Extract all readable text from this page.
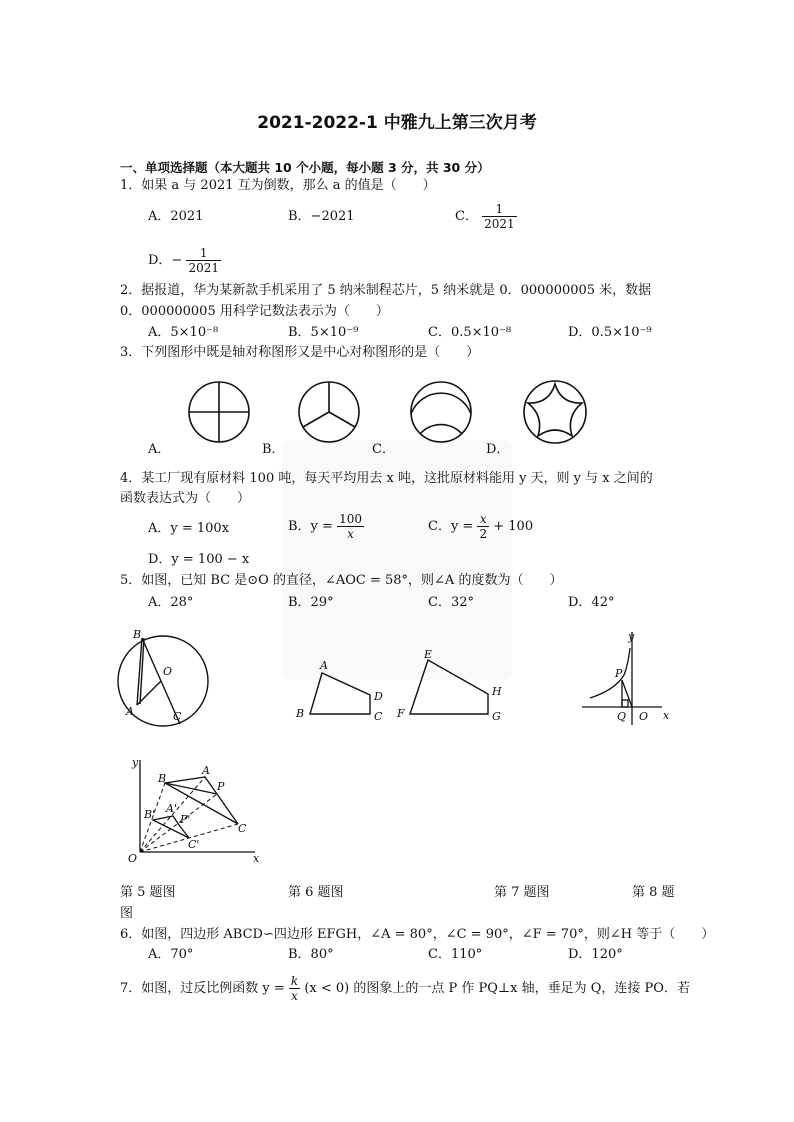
2021-2022-1 中雅九上第三次月考
一、单项选择题（本大题共 10 个小题，每小题 3 分，共 30 分）
1．如果 a 与 2021 互为倒数，那么 a 的值是（　　）
A．2021	B．−2021	C． $\frac{1}{2021}$
D．− $\frac{1}{2021}$
2．据报道，华为某新款手机采用了 5 纳米制程芯片，5 纳米就是 0．000000005 米，数据
0．000000005 用科学记数法表示为（　　）
A．5×10⁻⁸	B．5×10⁻⁹	C．0.5×10⁻⁸	D．0.5×10⁻⁹
3．下列图形中既是轴对称图形又是中心对称图形的是（　　）
A．	B．	C．	D．
4．某工厂现有原材料 100 吨，每天平均用去 x 吨，这批原材料能用 y 天，则 y 与 x 之间的
函数表达式为（　　）
A．y = 100x	B．$y = \frac{100}{x}$	C．$y = \frac{x}{2} + 100$
D．y = 100 − x
5．如图，已知 BC 是⊙O 的直径，∠AOC = 58°，则∠A 的度数为（　　）
A．28°	B．29°	C．32°	D．42°
B
O
A	C
A
B	C
D
E
F	G
H
y
x
P
Q O
y
x
O
B
A
P
C
B' A'
P'
C'
第 5 题图	第 6 题图	第 7 题图	第 8 题
图
6．如图，四边形 ABCD∽四边形 EFGH，∠A = 80°，∠C = 90°，∠F = 70°，则∠H 等于（　　）
A．70°	B．80°	C．110°	D．120°
7．如图，过反比例函数 $y = \frac{k}{x} (x < 0)$ 的图象上的一点 P 作 PQ⊥x 轴，垂足为 Q，连接 PO．若
